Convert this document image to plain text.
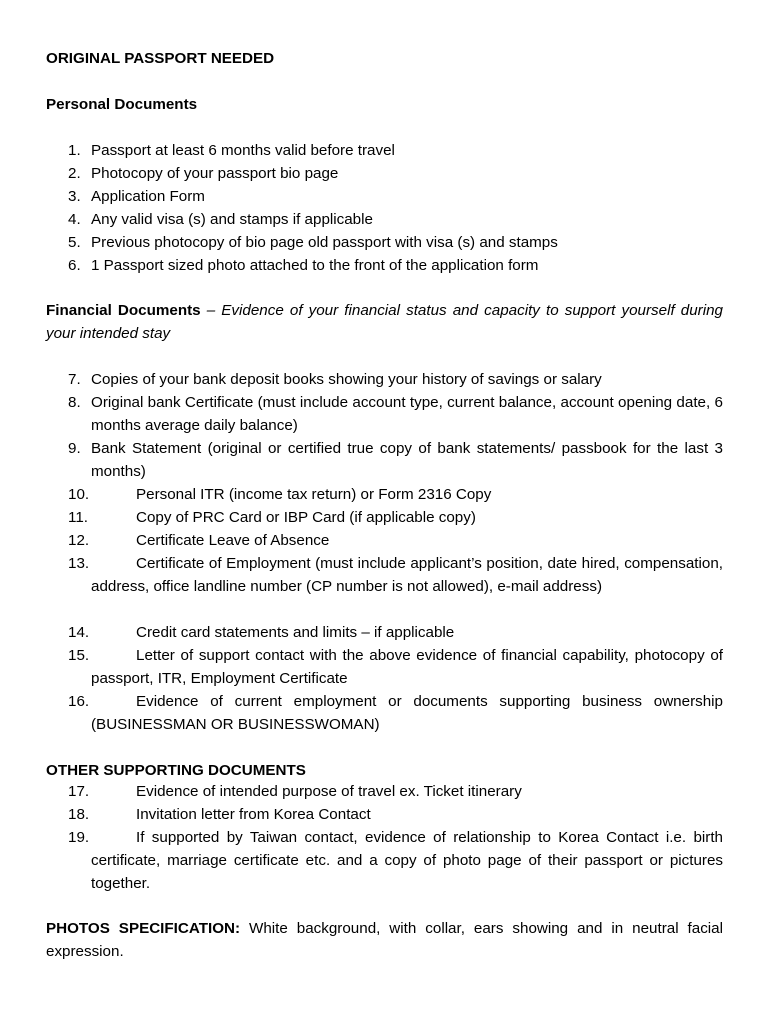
ORIGINAL PASSPORT NEEDED
Personal Documents
1. Passport at least 6 months valid before travel
2. Photocopy of your passport bio page
3. Application Form
4. Any valid visa (s) and stamps if applicable
5. Previous photocopy of bio page old passport with visa (s) and stamps
6. 1 Passport sized photo attached to the front of the application form
Financial Documents – Evidence of your financial status and capacity to support yourself during your intended stay
7. Copies of your bank deposit books showing your history of savings or salary
8. Original bank Certificate (must include account type, current balance, account opening date, 6 months average daily balance)
9. Bank Statement (original or certified true copy of bank statements/ passbook for the last 3 months)
10.	Personal ITR (income tax return) or Form 2316 Copy
11.	Copy of PRC Card or IBP Card (if applicable copy)
12.	Certificate Leave of Absence
13.	Certificate of Employment (must include applicant’s position, date hired, compensation, address, office landline number (CP number is not allowed), e-mail address)
14.	Credit card statements and limits – if applicable
15.	Letter of support contact with the above evidence of financial capability, photocopy of passport, ITR, Employment Certificate
16.	Evidence of current employment or documents supporting business ownership (BUSINESSMAN OR BUSINESSWOMAN)
OTHER SUPPORTING DOCUMENTS
17.	Evidence of intended purpose of travel ex. Ticket itinerary
18.	Invitation letter from Korea Contact
19.	If supported by Taiwan contact, evidence of relationship to Korea Contact i.e. birth certificate, marriage certificate etc. and a copy of photo page of their passport or pictures together.
PHOTOS SPECIFICATION: White background, with collar, ears showing and in neutral facial expression.
